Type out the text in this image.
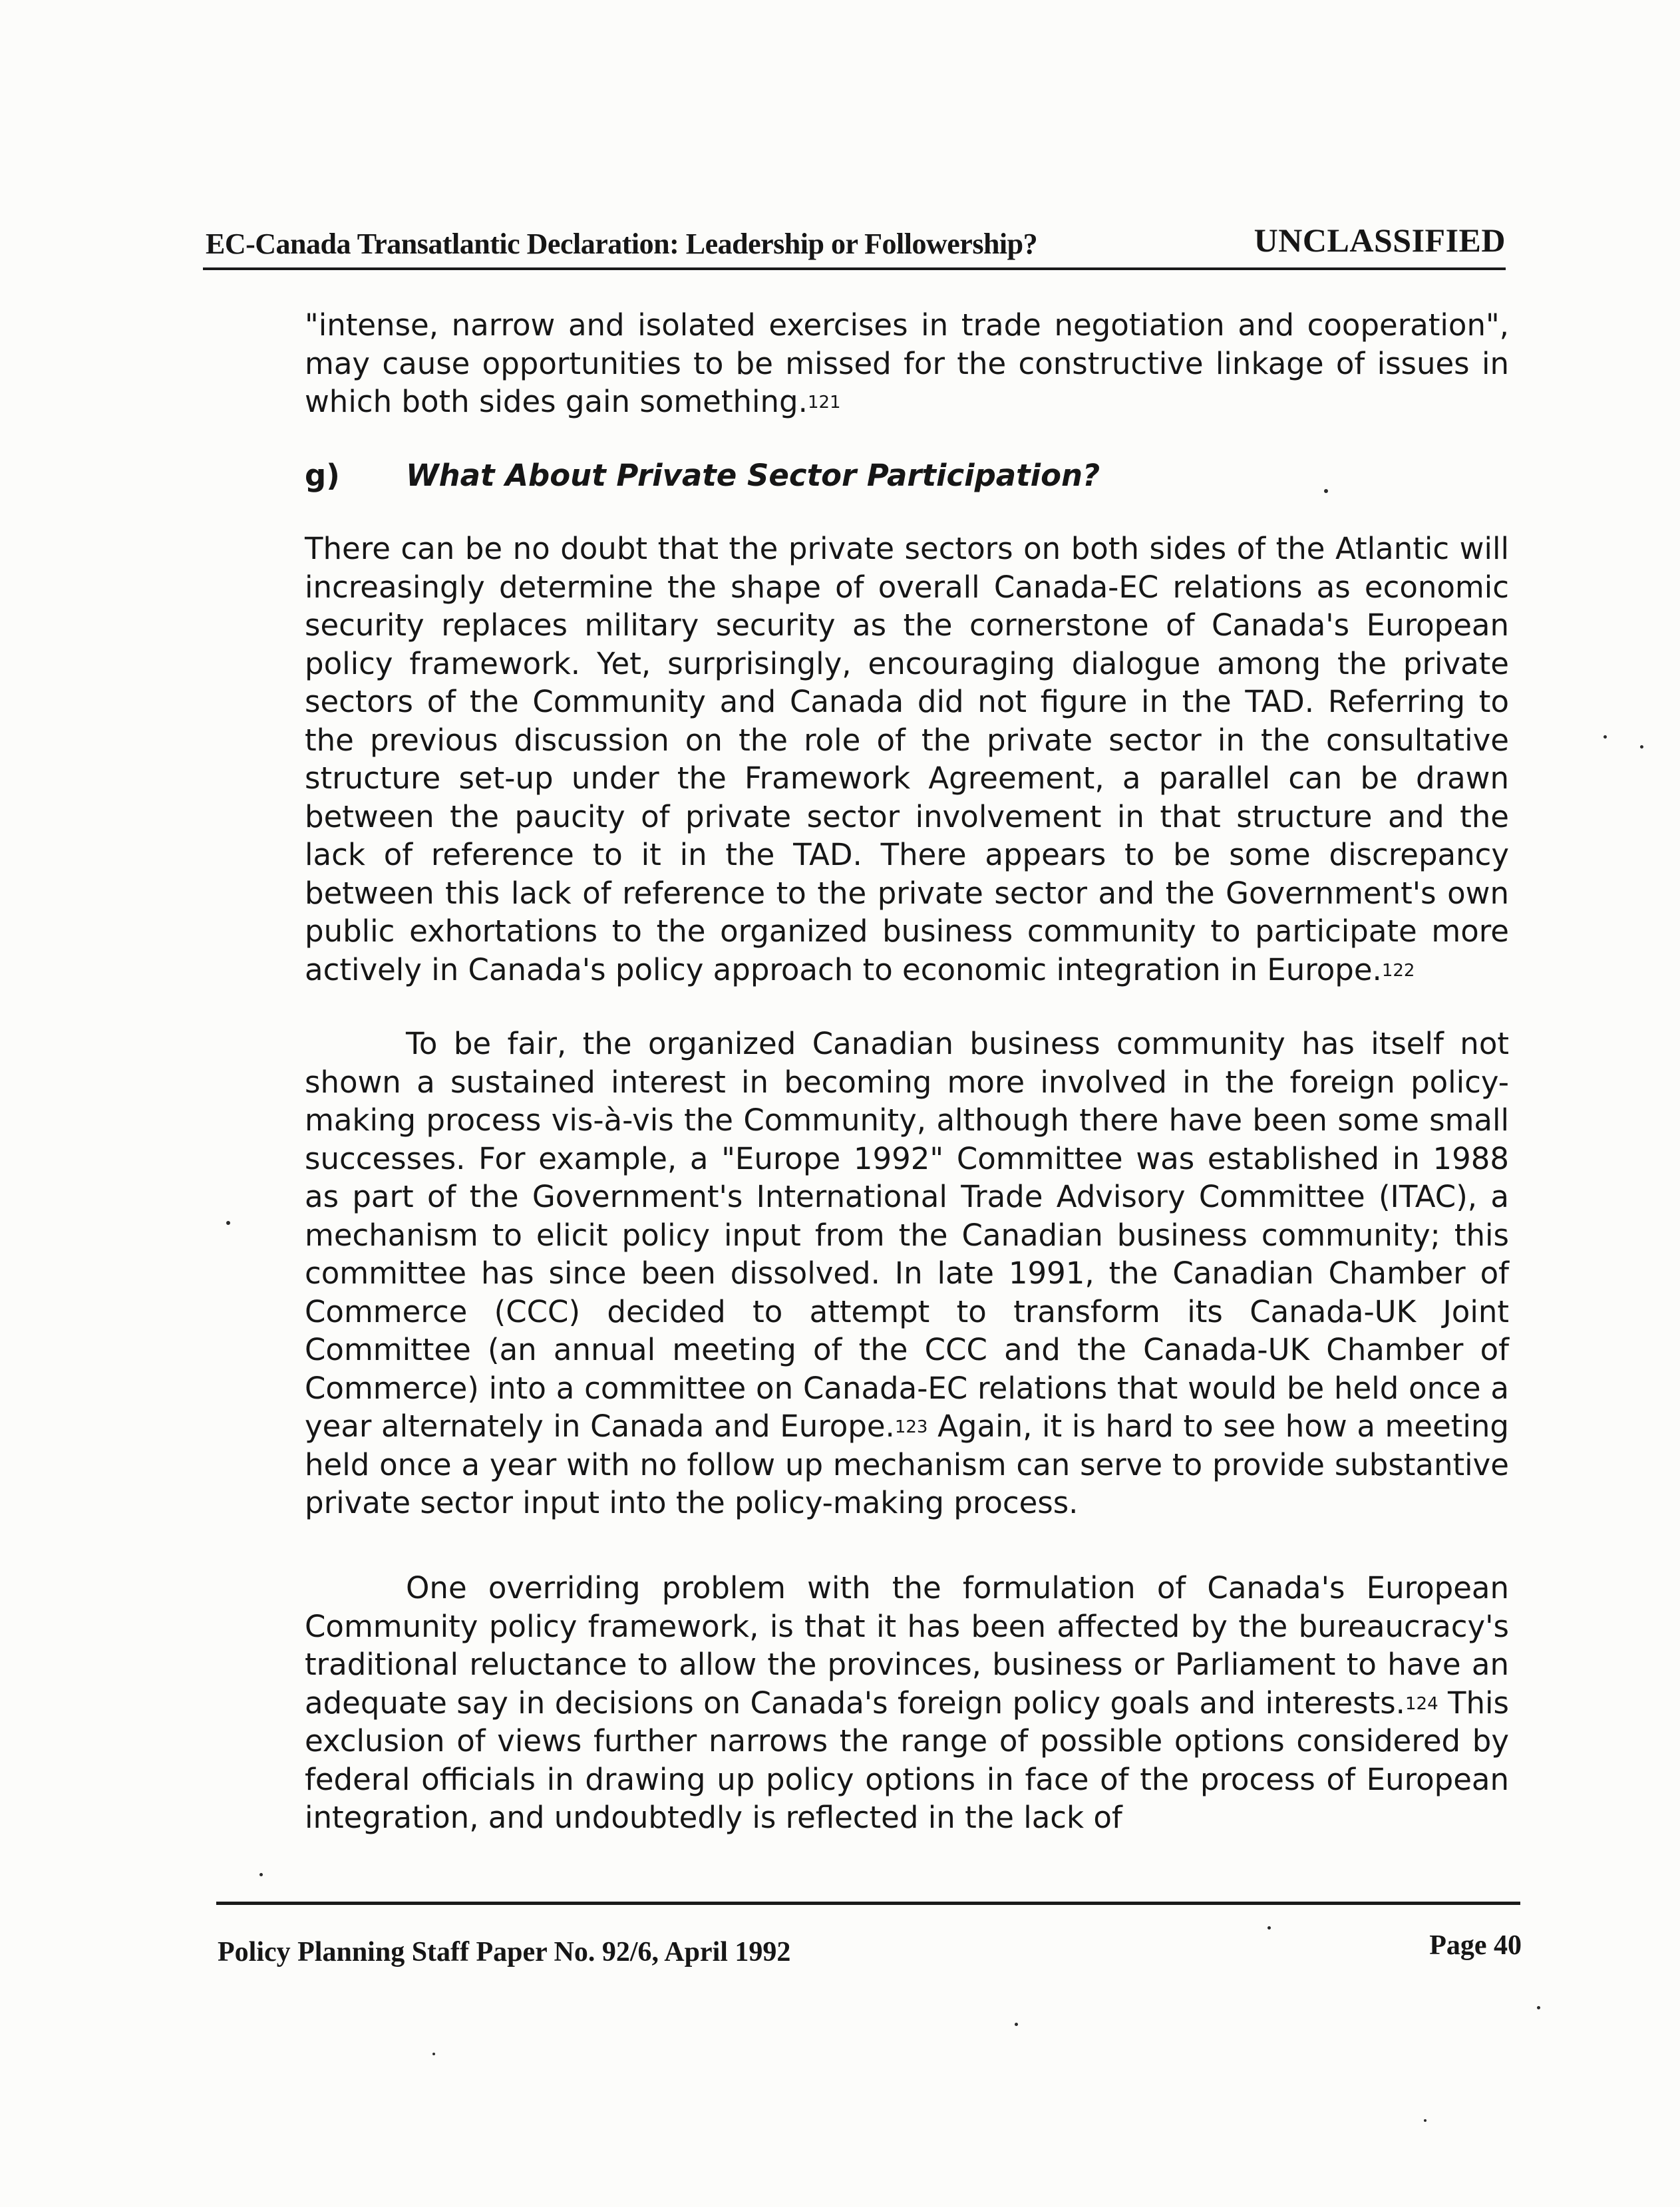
EC-Canada Transatlantic Declaration: Leadership or Followership?	UNCLASSIFIED

"intense, narrow and isolated exercises in trade negotiation and cooperation", may cause opportunities to be missed for the constructive linkage of issues in which both sides gain something.$^{121}$

g) What About Private Sector Participation?

There can be no doubt that the private sectors on both sides of the Atlantic will increasingly determine the shape of overall Canada-EC relations as economic security replaces military security as the cornerstone of Canada's European policy framework. Yet, surprisingly, encouraging dialogue among the private sectors of the Community and Canada did not figure in the TAD. Referring to the previous discussion on the role of the private sector in the consultative structure set-up under the Framework Agreement, a parallel can be drawn between the paucity of private sector involvement in that structure and the lack of reference to it in the TAD. There appears to be some discrepancy between this lack of reference to the private sector and the Government's own public exhortations to the organized business community to participate more actively in Canada's policy approach to economic integration in Europe.$^{122}$

To be fair, the organized Canadian business community has itself not shown a sustained interest in becoming more involved in the foreign policy-making process vis-à-vis the Community, although there have been some small successes. For example, a "Europe 1992" Committee was established in 1988 as part of the Government's International Trade Advisory Committee (ITAC), a mechanism to elicit policy input from the Canadian business community; this committee has since been dissolved. In late 1991, the Canadian Chamber of Commerce (CCC) decided to attempt to transform its Canada-UK Joint Committee (an annual meeting of the CCC and the Canada-UK Chamber of Commerce) into a committee on Canada-EC relations that would be held once a year alternately in Canada and Europe.$^{123}$ Again, it is hard to see how a meeting held once a year with no follow up mechanism can serve to provide substantive private sector input into the policy-making process.

One overriding problem with the formulation of Canada's European Community policy framework, is that it has been affected by the bureaucracy's traditional reluctance to allow the provinces, business or Parliament to have an adequate say in decisions on Canada's foreign policy goals and interests.$^{124}$ This exclusion of views further narrows the range of possible options considered by federal officials in drawing up policy options in face of the process of European integration, and undoubtedly is reflected in the lack of

Policy Planning Staff Paper No. 92/6, April 1992	Page 40
